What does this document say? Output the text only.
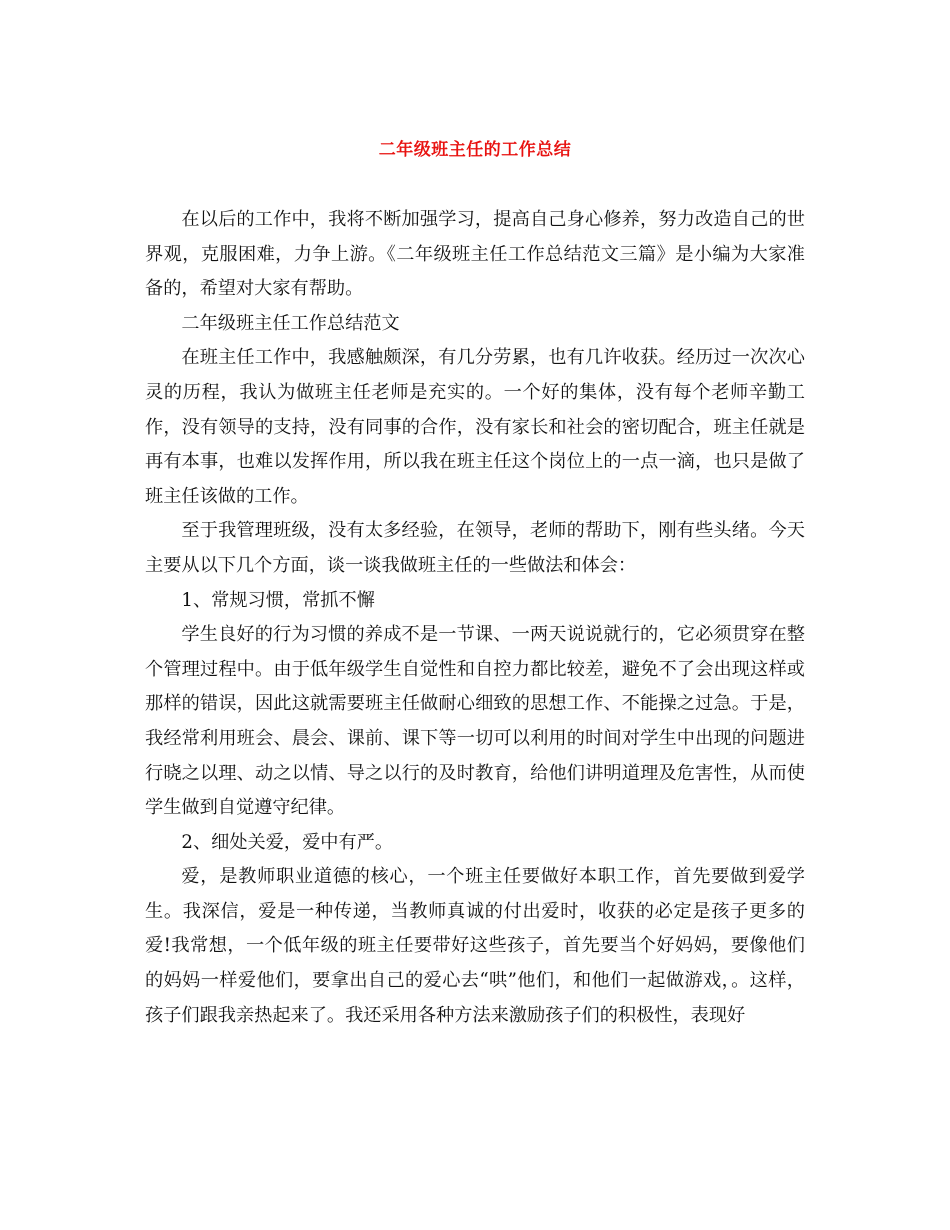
二年级班主任的工作总结

在以后的工作中，我将不断加强学习，提高自己身心修养，努力改造自己的世界观，克服困难，力争上游。《二年级班主任工作总结范文三篇》是小编为大家准备的，希望对大家有帮助。

二年级班主任工作总结范文

在班主任工作中，我感触颇深，有几分劳累，也有几许收获。经历过一次次心灵的历程，我认为做班主任老师是充实的。一个好的集体，没有每个老师辛勤工作，没有领导的支持，没有同事的合作，没有家长和社会的密切配合，班主任就是再有本事，也难以发挥作用，所以我在班主任这个岗位上的一点一滴，也只是做了班主任该做的工作。

至于我管理班级，没有太多经验，在领导，老师的帮助下，刚有些头绪。今天主要从以下几个方面，谈一谈我做班主任的一些做法和体会：

1、常规习惯，常抓不懈

学生良好的行为习惯的养成不是一节课、一两天说说就行的，它必须贯穿在整个管理过程中。由于低年级学生自觉性和自控力都比较差，避免不了会出现这样或那样的错误，因此这就需要班主任做耐心细致的思想工作、不能操之过急。于是，我经常利用班会、晨会、课前、课下等一切可以利用的时间对学生中出现的问题进行晓之以理、动之以情、导之以行的及时教育，给他们讲明道理及危害性，从而使学生做到自觉遵守纪律。

2、细处关爱，爱中有严。

爱，是教师职业道德的核心，一个班主任要做好本职工作，首先要做到爱学生。我深信，爱是一种传递，当教师真诚的付出爱时，收获的必定是孩子更多的爱!我常想，一个低年级的班主任要带好这些孩子，首先要当个好妈妈，要像他们的妈妈一样爱他们，要拿出自己的爱心去“哄”他们，和他们一起做游戏，。这样，孩子们跟我亲热起来了。我还采用各种方法来激励孩子们的积极性，表现好
